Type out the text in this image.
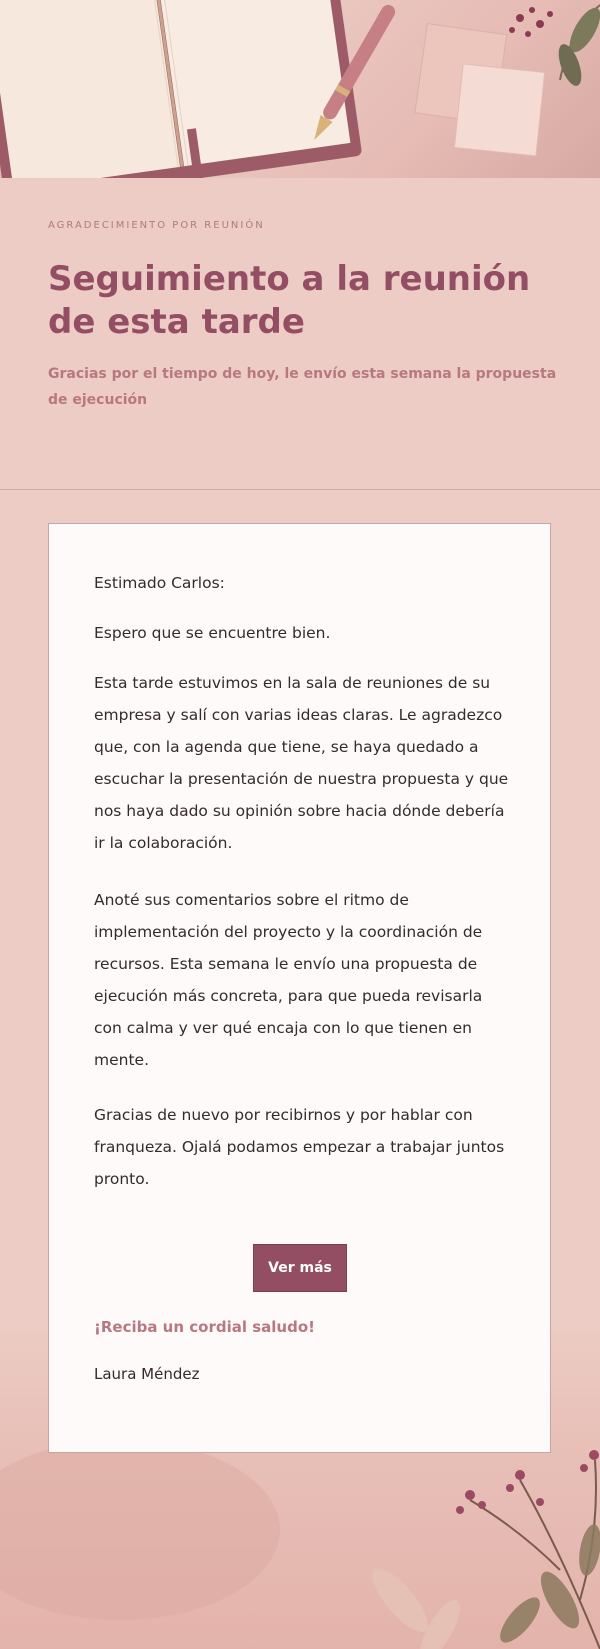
AGRADECIMIENTO POR REUNIÓN
Seguimiento a la reunión de esta tarde

Gracias por el tiempo de hoy, le envío esta semana la propuesta de ejecución

Estimado Carlos:

Espero que se encuentre bien.

Esta tarde estuvimos en la sala de reuniones de su empresa y salí con varias ideas claras. Le agradezco que, con la agenda que tiene, se haya quedado a escuchar la presentación de nuestra propuesta y que nos haya dado su opinión sobre hacia dónde debería ir la colaboración.

Anoté sus comentarios sobre el ritmo de implementación del proyecto y la coordinación de recursos. Esta semana le envío una propuesta de ejecución más concreta, para que pueda revisarla con calma y ver qué encaja con lo que tienen en mente.

Gracias de nuevo por recibirnos y por hablar con franqueza. Ojalá podamos empezar a trabajar juntos pronto.

Ver más
¡Reciba un cordial saludo!
Laura Méndez
